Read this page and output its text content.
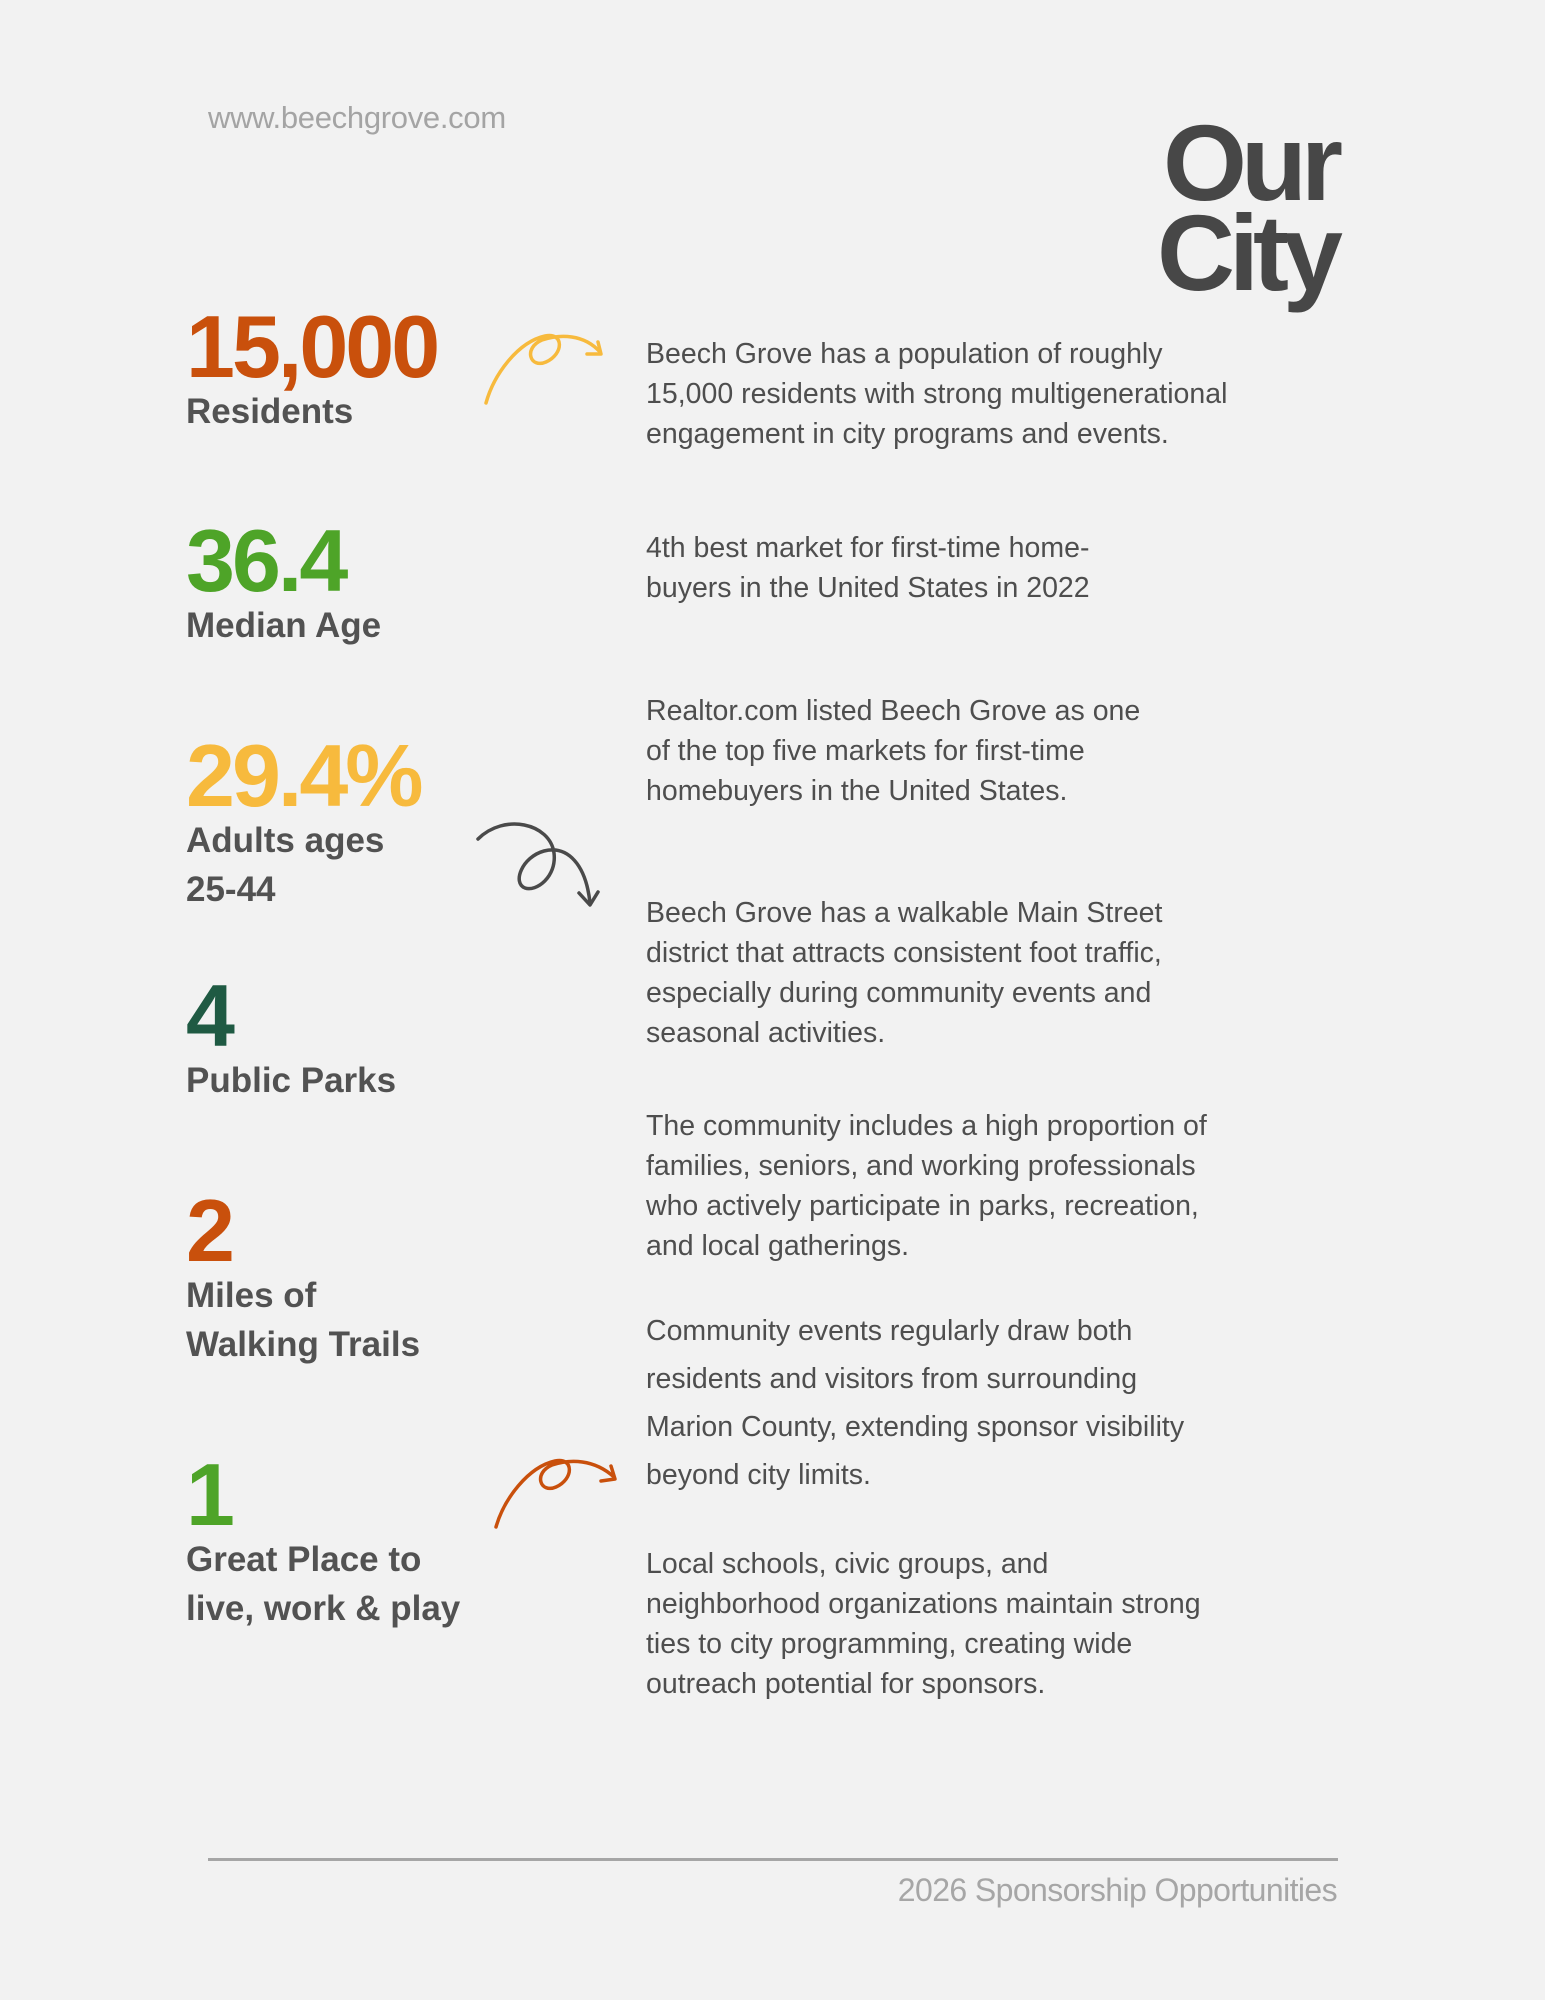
www.beechgrove.com	Our
City
15,000
Residents
36.4
Median Age
29.4%
Adults ages
25-44
4
Public Parks
2
Miles of
Walking Trails
1
Great Place to
live, work & play
Beech Grove has a population of roughly
15,000 residents with strong multigenerational
engagement in city programs and events.
4th best market for first-time home-
buyers in the United States in 2022
Realtor.com listed Beech Grove as one
of the top five markets for first-time
homebuyers in the United States.
Beech Grove has a walkable Main Street
district that attracts consistent foot traffic,
especially during community events and
seasonal activities.
The community includes a high proportion of
families, seniors, and working professionals
who actively participate in parks, recreation,
and local gatherings.
Community events regularly draw both
residents and visitors from surrounding
Marion County, extending sponsor visibility
beyond city limits.
Local schools, civic groups, and
neighborhood organizations maintain strong
ties to city programming, creating wide
outreach potential for sponsors.
2026 Sponsorship Opportunities
